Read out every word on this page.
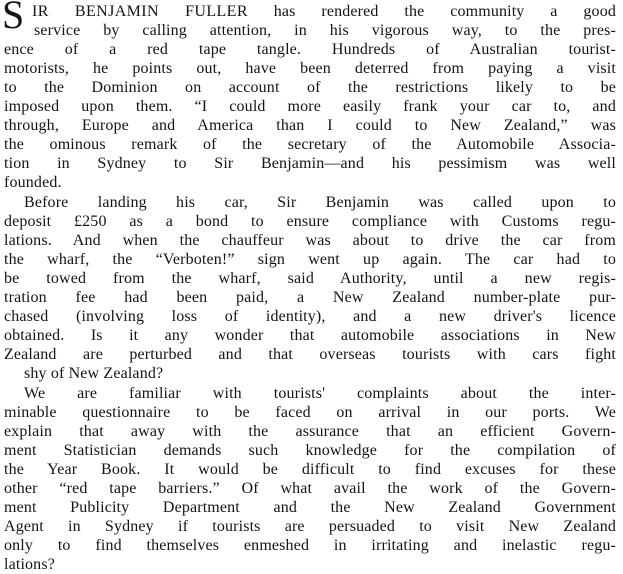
S IR BENJAMIN FULLER has rendered the community a good
service by calling attention, in his vigorous way, to the pres-
ence of a red tape tangle. Hundreds of Australian tourist-
motorists, he points out, have been deterred from paying a visit
to the Dominion on account of the restrictions likely to be
imposed upon them. “I could more easily frank your car to, and
through, Europe and America than I could to New Zealand,” was
the ominous remark of the secretary of the Automobile Associa-
tion in Sydney to Sir Benjamin—and his pessimism was well
founded.
Before landing his car, Sir Benjamin was called upon to
deposit £250 as a bond to ensure compliance with Customs regu-
lations. And when the chauffeur was about to drive the car from
the wharf, the “Verboten!” sign went up again. The car had to
be towed from the wharf, said Authority, until a new regis-
tration fee had been paid, a New Zealand number-plate pur-
chased (involving loss of identity), and a new driver's licence
obtained. Is it any wonder that automobile associations in New
Zealand are perturbed and that overseas tourists with cars fight
shy of New Zealand?
We are familiar with tourists' complaints about the inter-
minable questionnaire to be faced on arrival in our ports. We
explain that away with the assurance that an efficient Govern-
ment Statistician demands such knowledge for the compilation of
the Year Book. It would be difficult to find excuses for these
other “red tape barriers.” Of what avail the work of the Govern-
ment Publicity Department and the New Zealand Government
Agent in Sydney if tourists are persuaded to visit New Zealand
only to find themselves enmeshed in irritating and inelastic regu-
lations?
